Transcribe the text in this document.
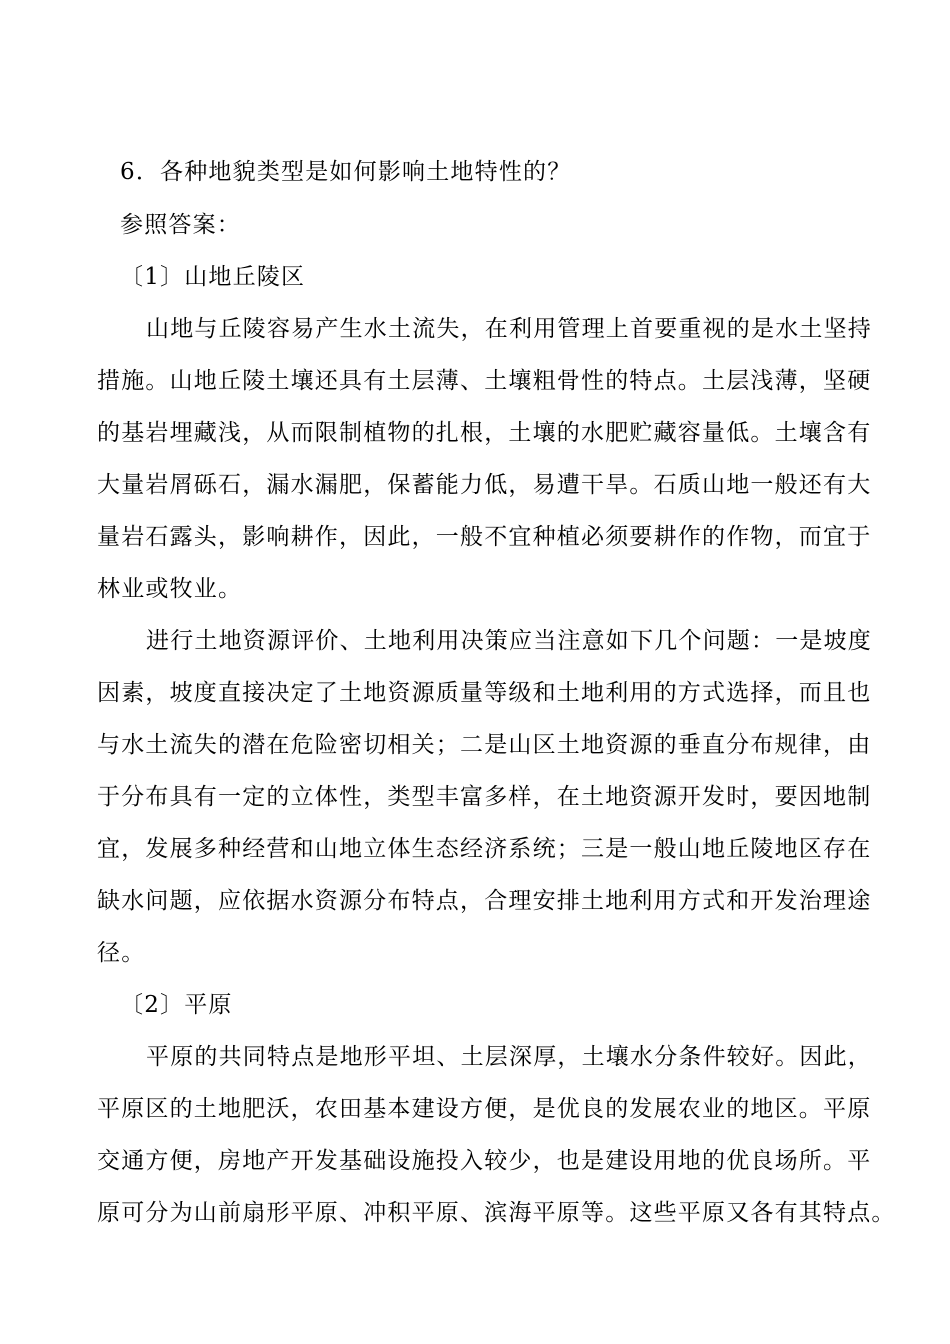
6．各种地貌类型是如何影响土地特性的？
参照答案：
〔1〕山地丘陵区
山地与丘陵容易产生水土流失，在利用管理上首要重视的是水土坚持
措施。山地丘陵土壤还具有土层薄、土壤粗骨性的特点。土层浅薄，坚硬
的基岩埋藏浅，从而限制植物的扎根，土壤的水肥贮藏容量低。土壤含有
大量岩屑砾石，漏水漏肥，保蓄能力低，易遭干旱。石质山地一般还有大
量岩石露头，影响耕作，因此，一般不宜种植必须要耕作的作物，而宜于
林业或牧业。
进行土地资源评价、土地利用决策应当注意如下几个问题：一是坡度
因素，坡度直接决定了土地资源质量等级和土地利用的方式选择，而且也
与水土流失的潜在危险密切相关；二是山区土地资源的垂直分布规律，由
于分布具有一定的立体性，类型丰富多样，在土地资源开发时，要因地制
宜，发展多种经营和山地立体生态经济系统；三是一般山地丘陵地区存在
缺水问题，应依据水资源分布特点，合理安排土地利用方式和开发治理途
径。
〔2〕平原
平原的共同特点是地形平坦、土层深厚，土壤水分条件较好。因此，
平原区的土地肥沃，农田基本建设方便，是优良的发展农业的地区。平原
交通方便，房地产开发基础设施投入较少，也是建设用地的优良场所。平
原可分为山前扇形平原、冲积平原、滨海平原等。这些平原又各有其特点。
